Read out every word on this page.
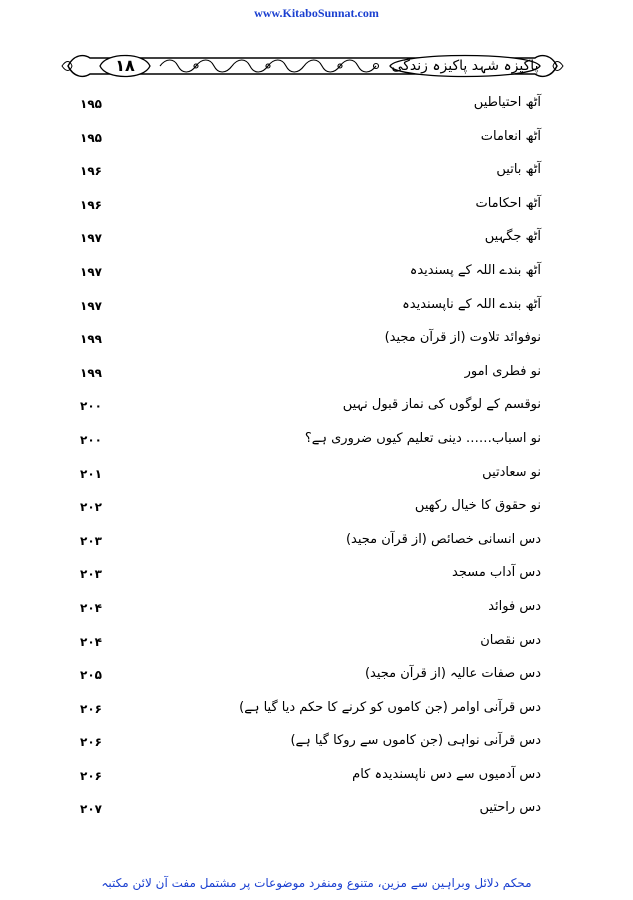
www.KitaboSunnat.com
۱۸	پاکیزہ شہد پاکیزہ زندگی
آٹھ احتیاطیں
۱۹۵
آٹھ انعامات
۱۹۵
آٹھ باتیں
۱۹۶
آٹھ احکامات
۱۹۶
آٹھ جگہیں
۱۹۷
آٹھ بندے اللہ کے پسندیدہ
۱۹۷
آٹھ بندے اللہ کے ناپسندیدہ
۱۹۷
نوفوائد تلاوت (از قرآن مجید)
۱۹۹
نو فطری امور
۱۹۹
نوقسم کے لوگوں کی نماز قبول نہیں
۲۰۰
نو اسباب…… دینی تعلیم کیوں ضروری ہے؟
۲۰۰
نو سعادتیں
۲۰۱
نو حقوق کا خیال رکھیں
۲۰۲
دس انسانی خصائص (از قرآن مجید)
۲۰۳
دس آداب مسجد
۲۰۳
دس فوائد
۲۰۴
دس نقصان
۲۰۴
دس صفات عالیہ (از قرآن مجید)
۲۰۵
دس قرآنی اوامر (جن کاموں کو کرنے کا حکم دیا گیا ہے)
۲۰۶
دس قرآنی نواہی (جن کاموں سے روکا گیا ہے)
۲۰۶
دس آدمیوں سے دس ناپسندیدہ کام
۲۰۶
دس راحتیں
۲۰۷
محکم دلائل وبراہین سے مزین، متنوع ومنفرد موضوعات پر مشتمل مفت آن لائن مکتبہ
